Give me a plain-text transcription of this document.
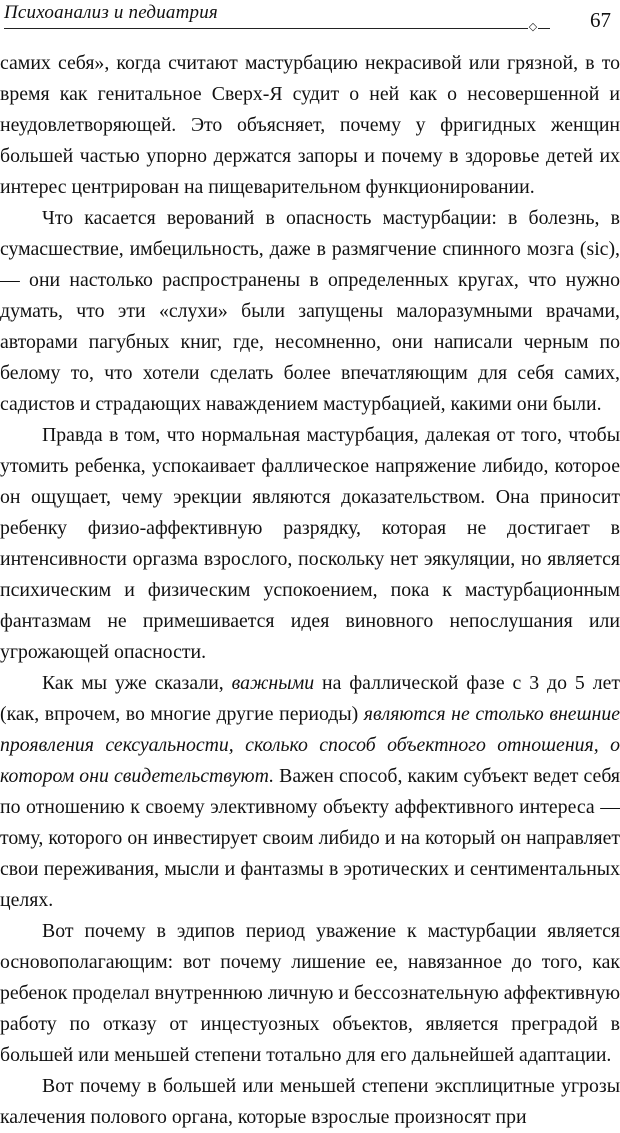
Психоанализ и педиатрия
◇	67

самих себя», когда считают мастурбацию некрасивой или грязной, в то время как генитальное Сверх-Я судит о ней как о несовершенной и неудовлетворяющей. Это объясняет, почему у фригидных женщин большей частью упорно держатся запоры и почему в здоровье детей их интерес центрирован на пищеварительном функционировании.

Что касается верований в опасность мастурбации: в болезнь, в сумасшествие, имбецильность, даже в размягчение спинного мозга (sic), — они настолько распространены в определенных кругах, что нужно думать, что эти «слухи» были запущены малоразумными врачами, авторами пагубных книг, где, несомненно, они написали черным по белому то, что хотели сделать более впечатляющим для себя самих, садистов и страдающих наваждением мастурбацией, какими они были.

Правда в том, что нормальная мастурбация, далекая от того, чтобы утомить ребенка, успокаивает фаллическое напряжение либидо, которое он ощущает, чему эрекции являются доказательством. Она приносит ребенку физио-аффективную разрядку, которая не достигает в интенсивности оргазма взрослого, поскольку нет эякуляции, но является психическим и физическим успокоением, пока к мастурбационным фантазмам не примешивается идея виновного непослушания или угрожающей опасности.

Как мы уже сказали, важными на фаллической фазе с 3 до 5 лет (как, впрочем, во многие другие периоды) являются не столько внешние проявления сексуальности, сколько способ объектного отношения, о котором они свидетельствуют. Важен способ, каким субъект ведет себя по отношению к своему элективному объекту аффективного интереса — тому, которого он инвестирует своим либидо и на который он направляет свои переживания, мысли и фантазмы в эротических и сентиментальных целях.

Вот почему в эдипов период уважение к мастурбации является основополагающим: вот почему лишение ее, навязанное до того, как ребенок проделал внутреннюю личную и бессознательную аффективную работу по отказу от инцестуозных объектов, является преградой в большей или меньшей степени тотально для его дальнейшей адаптации.

Вот почему в большей или меньшей степени эксплицитные угрозы калечения полового органа, которые взрослые произносят при
